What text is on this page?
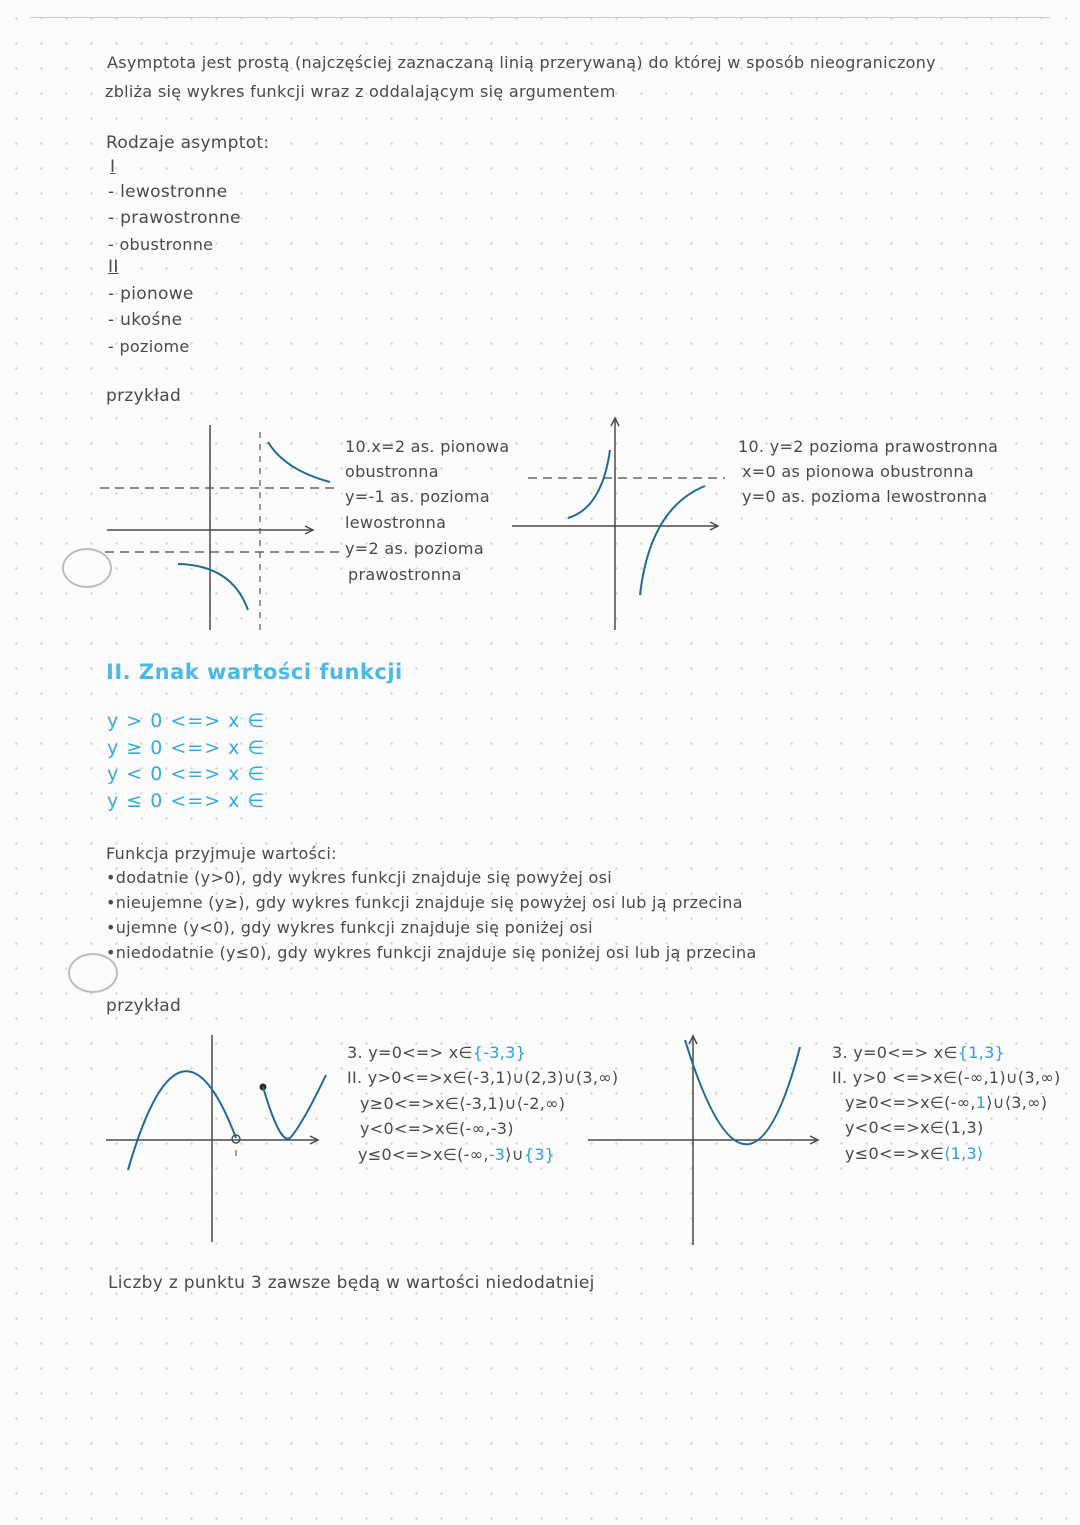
Asymptota jest prostą (najczęściej zaznaczaną linią przerywaną) do której w sposób nieograniczony
zbliża się wykres funkcji wraz z oddalającym się argumentem
Rodzaje asymptot:
I
- lewostronne
- prawostronne
- obustronne
II
- pionowe
- ukośne
- poziome
przykład
10.x=2 as. pionowa
obustronna
y=-1 as. pozioma
lewostronna
y=2 as. pozioma
prawostronna
10. y=2 pozioma prawostronna
x=0 as pionowa obustronna
y=0 as. pozioma lewostronna
II. Znak wartości funkcji
y > 0 <=> x ∈
y ≥ 0 <=> x ∈
y < 0 <=> x ∈
y ≤ 0 <=> x ∈
Funkcja przyjmuje wartości:
•dodatnie (y>0), gdy wykres funkcji znajduje się powyżej osi
•nieujemne (y≥), gdy wykres funkcji znajduje się powyżej osi lub ją przecina
•ujemne (y<0), gdy wykres funkcji znajduje się poniżej osi
•niedodatnie (y≤0), gdy wykres funkcji znajduje się poniżej osi lub ją przecina
przykład
3. y=0<=> x∈{-3,3}
II. y>0<=>x∈(-3,1)∪(2,3)∪(3,∞)
y≥0<=>x∈⟨-3,1)∪⟨-2,∞)
y<0<=>x∈(-∞,-3)
y≤0<=>x∈(-∞,-3⟩∪{3}
3. y=0<=> x∈{1,3}
II. y>0 <=>x∈(-∞,1)∪(3,∞)
y≥0<=>x∈(-∞,1⟩∪⟨3,∞)
y<0<=>x∈(1,3)
y≤0<=>x∈⟨1,3⟩
Liczby z punktu 3 zawsze będą w wartości niedodatniej
